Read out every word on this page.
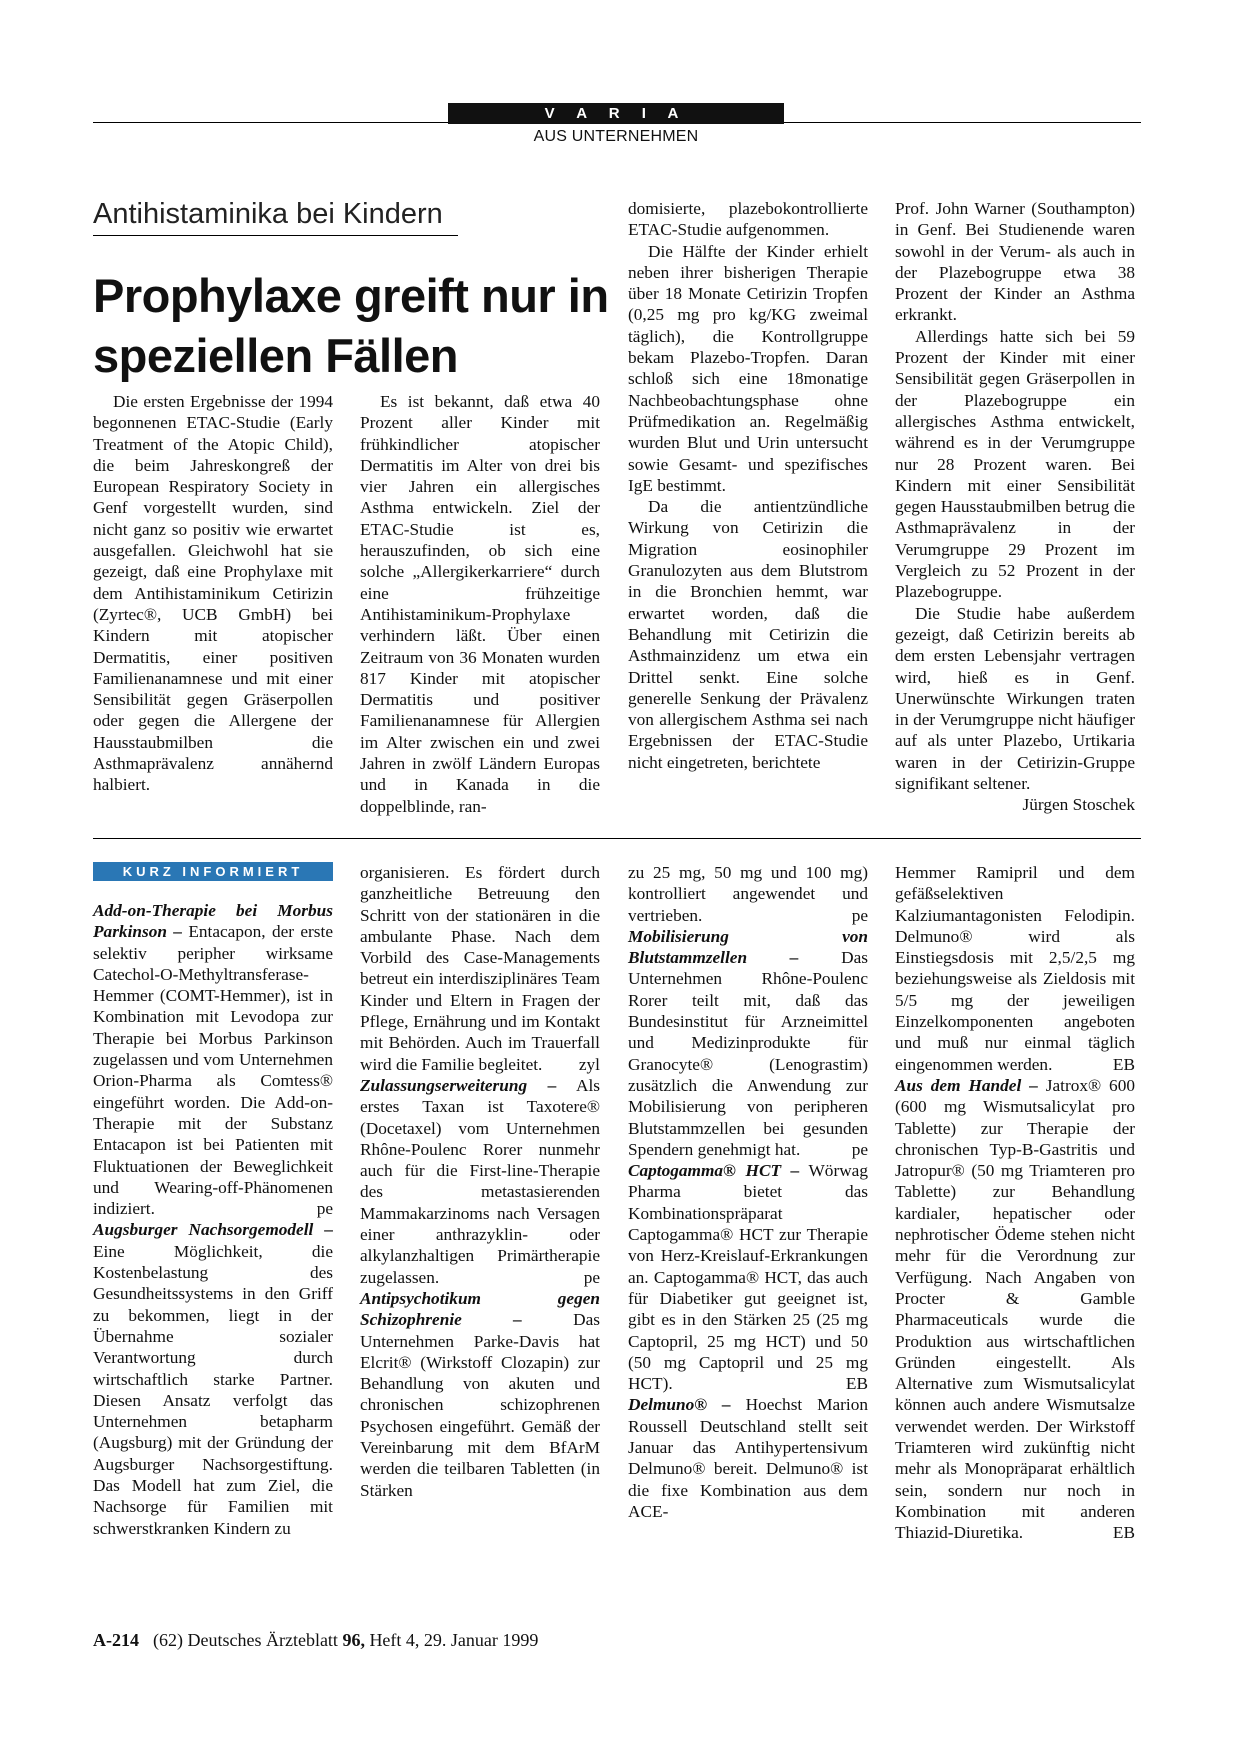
V A R I A
AUS UNTERNEHMEN
Antihistaminika bei Kindern
Prophylaxe greift nur in speziellen Fällen

Die ersten Ergebnisse der 1994 begonnenen ETAC-Studie (Early Treatment of the Atopic Child), die beim Jahreskongreß der European Respiratory Society in Genf vorgestellt wurden, sind nicht ganz so positiv wie erwartet ausgefallen. Gleichwohl hat sie gezeigt, daß eine Prophylaxe mit dem Antihistaminikum Cetirizin (Zyrtec®, UCB GmbH) bei Kindern mit atopischer Dermatitis, einer positiven Familienanamnese und mit einer Sensibilität gegen Gräserpollen oder gegen die Allergene der Hausstaubmilben die Asthmaprävalenz annähernd halbiert.

Es ist bekannt, daß etwa 40 Prozent aller Kinder mit frühkindlicher atopischer Dermatitis im Alter von drei bis vier Jahren ein allergisches Asthma entwickeln. Ziel der ETAC-Studie ist es, herauszufinden, ob sich eine solche „Allergikerkarriere“ durch eine frühzeitige Antihistaminikum-Prophylaxe verhindern läßt. Über einen Zeitraum von 36 Monaten wurden 817 Kinder mit atopischer Dermatitis und positiver Familienanamnese für Allergien im Alter zwischen ein und zwei Jahren in zwölf Ländern Europas und in Kanada in die doppelblinde, ran-

domisierte, plazebokontrollierte ETAC-Studie aufgenommen.

Die Hälfte der Kinder erhielt neben ihrer bisherigen Therapie über 18 Monate Cetirizin Tropfen (0,25 mg pro kg/KG zweimal täglich), die Kontrollgruppe bekam Plazebo-Tropfen. Daran schloß sich eine 18monatige Nachbeobachtungsphase ohne Prüfmedikation an. Regelmäßig wurden Blut und Urin untersucht sowie Gesamt- und spezifisches IgE bestimmt.

Da die antientzündliche Wirkung von Cetirizin die Migration eosinophiler Granulozyten aus dem Blutstrom in die Bronchien hemmt, war erwartet worden, daß die Behandlung mit Cetirizin die Asthmainzidenz um etwa ein Drittel senkt. Eine solche generelle Senkung der Prävalenz von allergischem Asthma sei nach Ergebnissen der ETAC-Studie nicht eingetreten, berichtete

Prof. John Warner (Southampton) in Genf. Bei Studienende waren sowohl in der Verum- als auch in der Plazebogruppe etwa 38 Prozent der Kinder an Asthma erkrankt.

Allerdings hatte sich bei 59 Prozent der Kinder mit einer Sensibilität gegen Gräserpollen in der Plazebogruppe ein allergisches Asthma entwickelt, während es in der Verumgruppe nur 28 Prozent waren. Bei Kindern mit einer Sensibilität gegen Hausstaubmilben betrug die Asthmaprävalenz in der Verumgruppe 29 Prozent im Vergleich zu 52 Prozent in der Plazebogruppe.

Die Studie habe außerdem gezeigt, daß Cetirizin bereits ab dem ersten Lebensjahr vertragen wird, hieß es in Genf. Unerwünschte Wirkungen traten in der Verumgruppe nicht häufiger auf als unter Plazebo, Urtikaria waren in der Cetirizin-Gruppe signifikant seltener.

Jürgen Stoschek

KURZ INFORMIERT

Add-on-Therapie bei Morbus Parkinson – Entacapon, der erste selektiv peripher wirksame Catechol-O-Methyltransferase-Hemmer (COMT-Hemmer), ist in Kombination mit Levodopa zur Therapie bei Morbus Parkinson zugelassen und vom Unternehmen Orion-Pharma als Comtess® eingeführt worden. Die Add-on-Therapie mit der Substanz Entacapon ist bei Patienten mit Fluktuationen der Beweglichkeit und Wearing-off-Phänomenen indiziert.	pe

Augsburger Nachsorgemodell – Eine Möglichkeit, die Kostenbelastung des Gesundheitssystems in den Griff zu bekommen, liegt in der Übernahme sozialer Verantwortung durch wirtschaftlich starke Partner. Diesen Ansatz verfolgt das Unternehmen betapharm (Augsburg) mit der Gründung der Augsburger Nachsorgestiftung. Das Modell hat zum Ziel, die Nachsorge für Familien mit schwerstkranken Kindern zu

organisieren. Es fördert durch ganzheitliche Betreuung den Schritt von der stationären in die ambulante Phase. Nach dem Vorbild des Case-Managements betreut ein interdisziplinäres Team Kinder und Eltern in Fragen der Pflege, Ernährung und im Kontakt mit Behörden. Auch im Trauerfall wird die Familie begleitet. zyl

Zulassungserweiterung – Als erstes Taxan ist Taxotere® (Docetaxel) vom Unternehmen Rhône-Poulenc Rorer nunmehr auch für die First-line-Therapie des metastasierenden Mammakarzinoms nach Versagen einer anthrazyklin- oder alkylanzhaltigen Primärtherapie zugelassen.	pe

Antipsychotikum gegen Schizophrenie – Das Unternehmen Parke-Davis hat Elcrit® (Wirkstoff Clozapin) zur Behandlung von akuten und chronischen schizophrenen Psychosen eingeführt. Gemäß der Vereinbarung mit dem BfArM werden die teilbaren Tabletten (in Stärken

zu 25 mg, 50 mg und 100 mg) kontrolliert angewendet und vertrieben.	pe

Mobilisierung von Blutstammzellen – Das Unternehmen Rhône-Poulenc Rorer teilt mit, daß das Bundesinstitut für Arzneimittel und Medizinprodukte für Granocyte® (Lenograstim) zusätzlich die Anwendung zur Mobilisierung von peripheren Blutstammzellen bei gesunden Spendern genehmigt hat.	pe

Captogamma® HCT – Wörwag Pharma bietet das Kombinationspräparat Captogamma® HCT zur Therapie von Herz-Kreislauf-Erkrankungen an. Captogamma® HCT, das auch für Diabetiker gut geeignet ist, gibt es in den Stärken 25 (25 mg Captopril, 25 mg HCT) und 50 (50 mg Captopril und 25 mg HCT).	EB

Delmuno® – Hoechst Marion Roussell Deutschland stellt seit Januar das Antihypertensivum Delmuno® bereit. Delmuno® ist die fixe Kombination aus dem ACE-

Hemmer Ramipril und dem gefäßselektiven Kalziumantagonisten Felodipin. Delmuno® wird als Einstiegsdosis mit 2,5/2,5 mg beziehungsweise als Zieldosis mit 5/5 mg der jeweiligen Einzelkomponenten angeboten und muß nur einmal täglich eingenommen werden.	EB

Aus dem Handel – Jatrox® 600 (600 mg Wismutsalicylat pro Tablette) zur Therapie der chronischen Typ-B-Gastritis und Jatropur® (50 mg Triamteren pro Tablette) zur Behandlung kardialer, hepatischer oder nephrotischer Ödeme stehen nicht mehr für die Verordnung zur Verfügung. Nach Angaben von Procter & Gamble Pharmaceuticals wurde die Produktion aus wirtschaftlichen Gründen eingestellt. Als Alternative zum Wismutsalicylat können auch andere Wismutsalze verwendet werden. Der Wirkstoff Triamteren wird zukünftig nicht mehr als Monopräparat erhältlich sein, sondern nur noch in Kombination mit anderen Thiazid-Diuretika.	EB

A-214 (62) Deutsches Ärzteblatt 96, Heft 4, 29. Januar 1999
